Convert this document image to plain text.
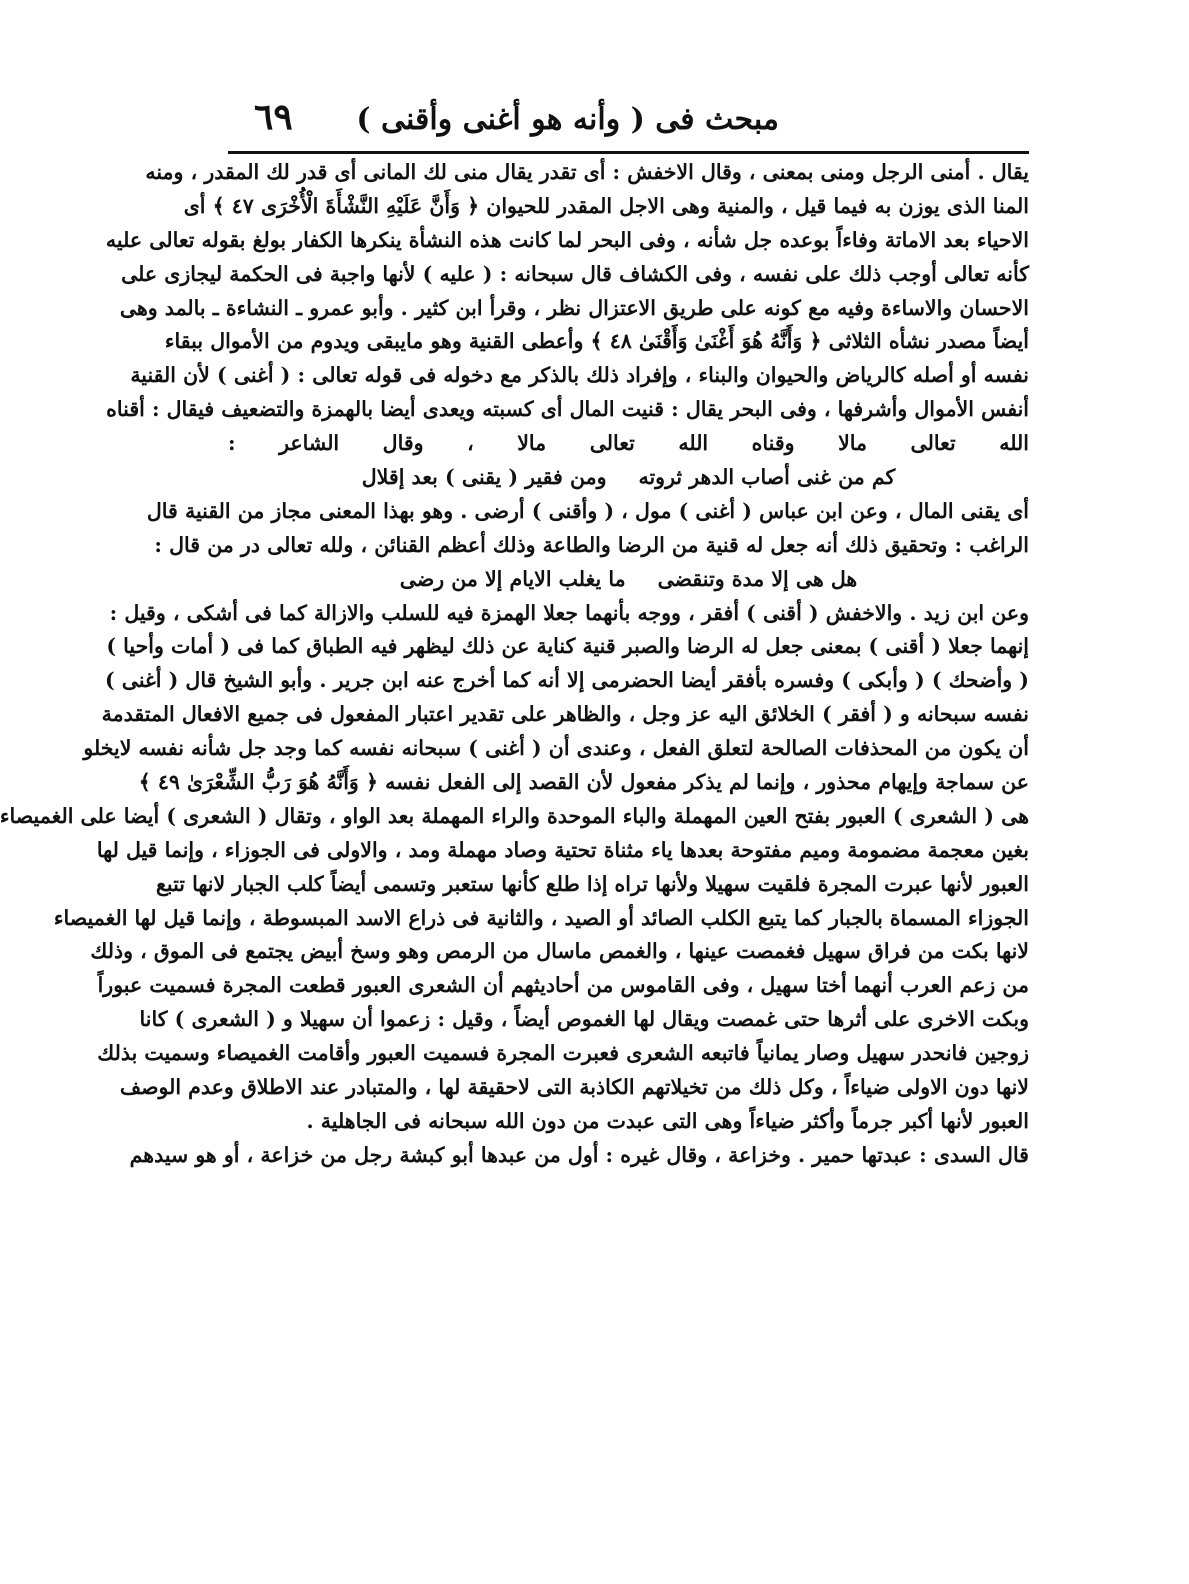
مبحث فى ( وأنه هو أغنى وأقنى )
٦٩
يقال . أمنى الرجل ومنى بمعنى ، وقال الاخفش : أى تقدر يقال منى لك المانى أى قدر لك المقدر ، ومنه
المنا الذى يوزن به فيما قيل ، والمنية وهى الاجل المقدر للحيوان ﴿ وَأَنَّ عَلَيْهِ النَّشْأَةَ الْأُخْرَى ٤٧ ﴾ أى
الاحياء بعد الاماتة وفاءاً بوعده جل شأنه ، وفى البحر لما كانت هذه النشأة ينكرها الكفار بولغ بقوله تعالى عليه
كأنه تعالى أوجب ذلك على نفسه ، وفى الكشاف قال سبحانه : ( عليه ) لأنها واجبة فى الحكمة ليجازى على
الاحسان والاساءة وفيه مع كونه على طريق الاعتزال نظر ، وقرأ ابن كثير . وأبو عمرو ـ النشاءة ـ بالمد وهى
أيضاً مصدر نشأه الثلاثى ﴿ وَأَنَّهُ هُوَ أَغْنَىٰ وَأَقْنَىٰ ٤٨ ﴾ وأعطى القنية وهو مايبقى ويدوم من الأموال ببقاء
نفسه أو أصله كالرياض والحيوان والبناء ، وإفراد ذلك بالذكر مع دخوله فى قوله تعالى : ( أغنى ) لأن القنية
أنفس الأموال وأشرفها ، وفى البحر يقال : قنيت المال أى كسبته ويعدى أيضا بالهمزة والتضعيف فيقال : أقناه
الله تعالى مالا وقناه الله تعالى مالا ، وقال الشاعر :
كم من غنى أصاب الدهر ثروتهومن فقير ( يقنى ) بعد إقلال
أى يقنى المال ، وعن ابن عباس ( أغنى ) مول ، ( وأقنى ) أرضى . وهو بهذا المعنى مجاز من القنية قال
الراغب : وتحقيق ذلك أنه جعل له قنية من الرضا والطاعة وذلك أعظم القنائن ، ولله تعالى در من قال :
هل هى إلا مدة وتنقضىما يغلب الايام إلا من رضى
وعن ابن زيد . والاخفش ( أقنى ) أفقر ، ووجه بأنهما جعلا الهمزة فيه للسلب والازالة كما فى أشكى ، وقيل :
إنهما جعلا ( أقنى ) بمعنى جعل له الرضا والصبر قنية كناية عن ذلك ليظهر فيه الطباق كما فى ( أمات وأحيا )
( وأضحك ) ( وأبكى ) وفسره بأفقر أيضا الحضرمى إلا أنه كما أخرج عنه ابن جرير . وأبو الشيخ قال ( أغنى )
نفسه سبحانه و ( أفقر ) الخلائق اليه عز وجل ، والظاهر على تقدير اعتبار المفعول فى جميع الافعال المتقدمة
أن يكون من المحذفات الصالحة لتعلق الفعل ، وعندى أن ( أغنى ) سبحانه نفسه كما وجد جل شأنه نفسه لايخلو
عن سماجة وإيهام محذور ، وإنما لم يذكر مفعول لأن القصد إلى الفعل نفسه ﴿ وَأَنَّهُ هُوَ رَبُّ الشِّعْرَىٰ ٤٩ ﴾
هى ( الشعرى ) العبور بفتح العين المهملة والباء الموحدة والراء المهملة بعد الواو ، وتقال ( الشعرى ) أيضا على الغميصاء
بغين معجمة مضمومة وميم مفتوحة بعدها ياء مثناة تحتية وصاد مهملة ومد ، والاولى فى الجوزاء ، وإنما قيل لها
العبور لأنها عبرت المجرة فلقيت سهيلا ولأنها تراه إذا طلع كأنها ستعبر وتسمى أيضاً كلب الجبار لانها تتبع
الجوزاء المسماة بالجبار كما يتبع الكلب الصائد أو الصيد ، والثانية فى ذراع الاسد المبسوطة ، وإنما قيل لها الغميصاء
لانها بكت من فراق سهيل فغمصت عينها ، والغمص ماسال من الرمص وهو وسخ أبيض يجتمع فى الموق ، وذلك
من زعم العرب أنهما أختا سهيل ، وفى القاموس من أحاديثهم أن الشعرى العبور قطعت المجرة فسميت عبوراً
وبكت الاخرى على أثرها حتى غمصت ويقال لها الغموص أيضاً ، وقيل : زعموا أن سهيلا و ( الشعرى ) كانا
زوجين فانحدر سهيل وصار يمانياً فاتبعه الشعرى فعبرت المجرة فسميت العبور وأقامت الغميصاء وسميت بذلك
لانها دون الاولى ضياءاً ، وكل ذلك من تخيلاتهم الكاذبة التى لاحقيقة لها ، والمتبادر عند الاطلاق وعدم الوصف
العبور لأنها أكبر جرماً وأكثر ضياءاً وهى التى عبدت من دون الله سبحانه فى الجاهلية .
قال السدى : عبدتها حمير . وخزاعة ، وقال غيره : أول من عبدها أبو كبشة رجل من خزاعة ، أو هو سيدهم
